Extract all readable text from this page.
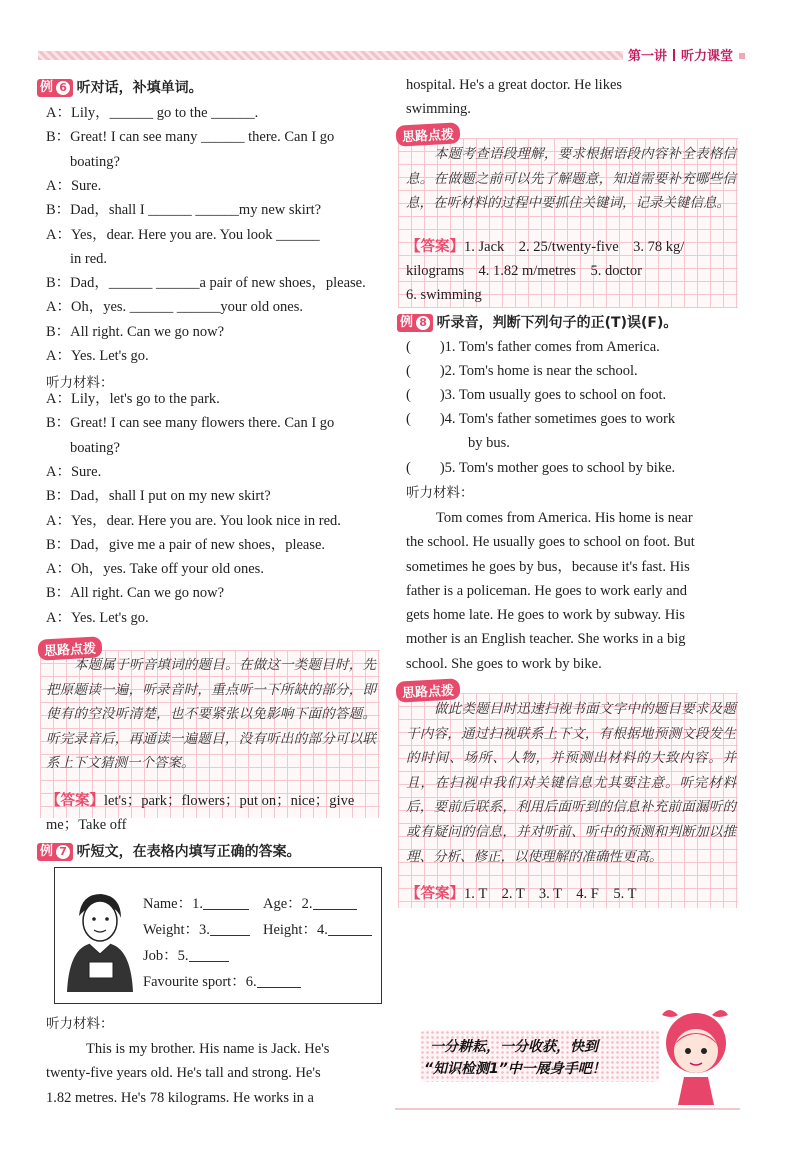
第一讲 听力课堂
例 6 听对话，补填单词。
A：Lily，______ go to the ______.
B：Great! I can see many ______ there. Can I go
boating?
A：Sure.
B：Dad，shall I ______ ______my new skirt?
A：Yes，dear. Here you are. You look ______
in red.
B：Dad，______ ______a pair of new shoes，please.
A：Oh，yes. ______ ______your old ones.
B：All right. Can we go now?
A：Yes. Let's go.
听力材料：
A：Lily，let's go to the park.
B：Great! I can see many flowers there. Can I go
boating?
A：Sure.
B：Dad，shall I put on my new skirt?
A：Yes，dear. Here you are. You look nice in red.
B：Dad，give me a pair of new shoes，please.
A：Oh，yes. Take off your old ones.
B：All right. Can we go now?
A：Yes. Let's go.
思路点拨
本题属于听音填词的题目。在做这一类题目时，先把原题读一遍，听录音时，重点听一下所缺的部分，即使有的空没听清楚，也不要紧张以免影响下面的答题。听完录音后，再通读一遍题目，没有听出的部分可以联系上下文猜测一个答案。
【答案】let's；park；flowers；put on；nice；give
me；Take off
例 7 听短文，在表格内填写正确的答案。
Name：1.	Age：2.
Weight：3.	Height：4.
Job：5.
Favourite sport：6.
听力材料：
This is my brother. His name is Jack. He's
twenty-five years old. He's tall and strong. He's
1.82 metres. He's 78 kilograms. He works in a
hospital. He's a great doctor. He likes
swimming.
思路点拨
本题考查语段理解，要求根据语段内容补全表格信息。在做题之前可以先了解题意，知道需要补充哪些信息，在听材料的过程中要抓住关键词，记录关键信息。
【答案】1. Jack　2. 25/twenty-five　3. 78 kg/
kilograms　4. 1.82 m/metres　5. doctor
6. swimming
例 8 听录音，判断下列句子的正(T)误(F)。
(　　)1. Tom's father comes from America.
(　　)2. Tom's home is near the school.
(　　)3. Tom usually goes to school on foot.
(　　)4. Tom's father sometimes goes to work
by bus.
(　　)5. Tom's mother goes to school by bike.
听力材料：
Tom comes from America. His home is near
the school. He usually goes to school on foot. But
sometimes he goes by bus，because it's fast. His
father is a policeman. He goes to work early and
gets home late. He goes to work by subway. His
mother is an English teacher. She works in a big
school. She goes to work by bike.
思路点拨
做此类题目时迅速扫视书面文字中的题目要求及题干内容，通过扫视联系上下文，有根据地预测文段发生的时间、场所、人物，并预测出材料的大致内容。并且，在扫视中我们对关键信息尤其要注意。听完材料后，要前后联系，利用后面听到的信息补充前面漏听的或有疑问的信息，并对听前、听中的预测和判断加以推理、分析、修正，以使理解的准确性更高。
【答案】1. T　2. T　3. T　4. F　5. T
一分耕耘，一分收获，快到
“知识检测1”中一展身手吧！
